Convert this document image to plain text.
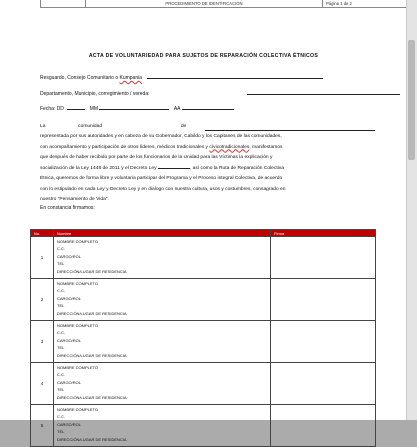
	PROCEDIMIENTO DE IDENTIFICACIÓN	Página 1 de 2
ACTA DE VOLUNTARIEDAD PARA SUJETOS DE REPARACIÓN COLECTIVA ÉTNICOS
Resguardo, Consejo Comunitario o Kumpania
Departamento, Municipio, corregimiento / vereda:
Fecha: DD	MM	AA
La	comunidad	de
representada por sus autoridades y en cabeza de su Gobernador, Cabildo y los Capitanes de las comunidades,
con acompañamiento y participación de otros líderes, médicos tradicionales y cívicotradicionales, manifestamos
que después de haber recibido por parte de los funcionarios de la Unidad para las Víctimas la explicación y
socialización de la Ley 1448 de 2011 y el Decreto Ley	, así como la Ruta de Reparación Colectiva
Étnica, queremos de forma libre y voluntaria participar del Programa y el Proceso integral Colectiva, de acuerdo
con lo estipulado en cada Ley y Decreto Ley y en dialogo con nuestra cultura, usos y costumbres, consagrado en
nuestro "Pensamiento de Vida".
En constancia firmamos:
No.	Nombre	Firma
1	NOMBRE COMPLETO
C.C.
CARGO/ROL
TEL
DIRECCIÓN/LUGAR DE RESIDENCIA	

2	NOMBRE COMPLETO
C.C.
CARGO/ROL
TEL
DIRECCIÓN/LUGAR DE RESIDENCIA	

3	NOMBRE COMPLETO
C.C.
CARGO/ROL
TEL
DIRECCIÓN/LUGAR DE RESIDENCIA	

4	NOMBRE COMPLETO
C.C.
CARGO/ROL
TEL
DIRECCIÓN/LUGAR DE RESIDENCIA	

5	NOMBRE COMPLETO
C.C.
CARGO/ROL
TEL
DIRECCIÓN/LUGAR DE RESIDENCIA	
